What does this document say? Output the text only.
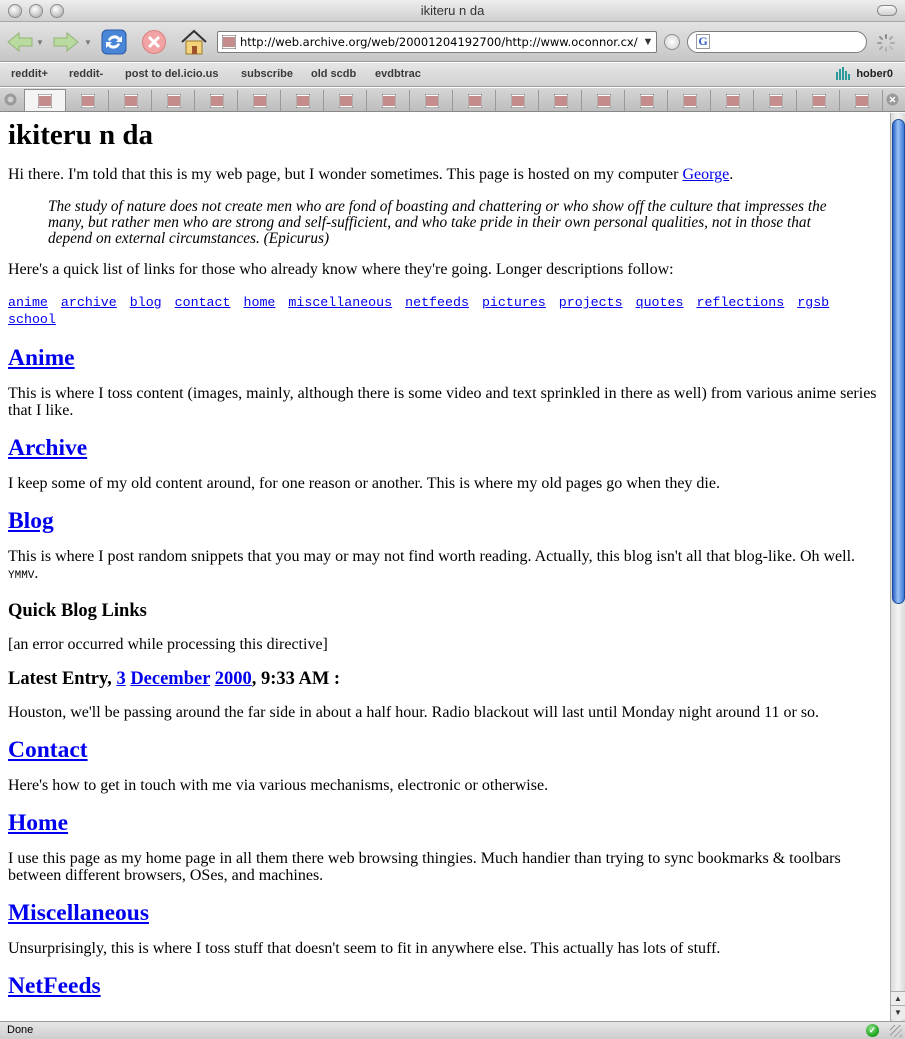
ikiteru n da
▼	▼	http://web.archive.org/web/20001204192700/http://www.oconnor.cx/ ▼	G
reddit+ reddit- post to del.icio.us subscribe old scdb evdbtrac	hober0
ikiteru n da

Hi there. I'm told that this is my web page, but I wonder sometimes. This page is hosted on my computer George.

The study of nature does not create men who are fond of boasting and chattering or who show off the culture that impresses the many, but rather men who are strong and self-sufficient, and who take pride in their own personal qualities, not in those that depend on external circumstances. (Epicurus)

Here's a quick list of links for those who already know where they're going. Longer descriptions follow:

anime archive blog contact home miscellaneous netfeeds pictures projects quotes reflections rgsb school
Anime

This is where I toss content (images, mainly, although there is some video and text sprinkled in there as well) from various anime series that I like.

Archive

I keep some of my old content around, for one reason or another. This is where my old pages go when they die.

Blog

This is where I post random snippets that you may or may not find worth reading. Actually, this blog isn't all that blog-like. Oh well. YMMV.

Quick Blog Links

[an error occurred while processing this directive]

Latest Entry, 3 December 2000, 9:33 AM :

Houston, we'll be passing around the far side in about a half hour. Radio blackout will last until Monday night around 11 or so.

Contact

Here's how to get in touch with me via various mechanisms, electronic or otherwise.

Home

I use this page as my home page in all them there web browsing thingies. Much handier than trying to sync bookmarks & toolbars between different browsers, OSes, and machines.

Miscellaneous

Unsurprisingly, this is where I toss stuff that doesn't seem to fit in anywhere else. This actually has lots of stuff.

NetFeeds	▲
▼
Done	✓
